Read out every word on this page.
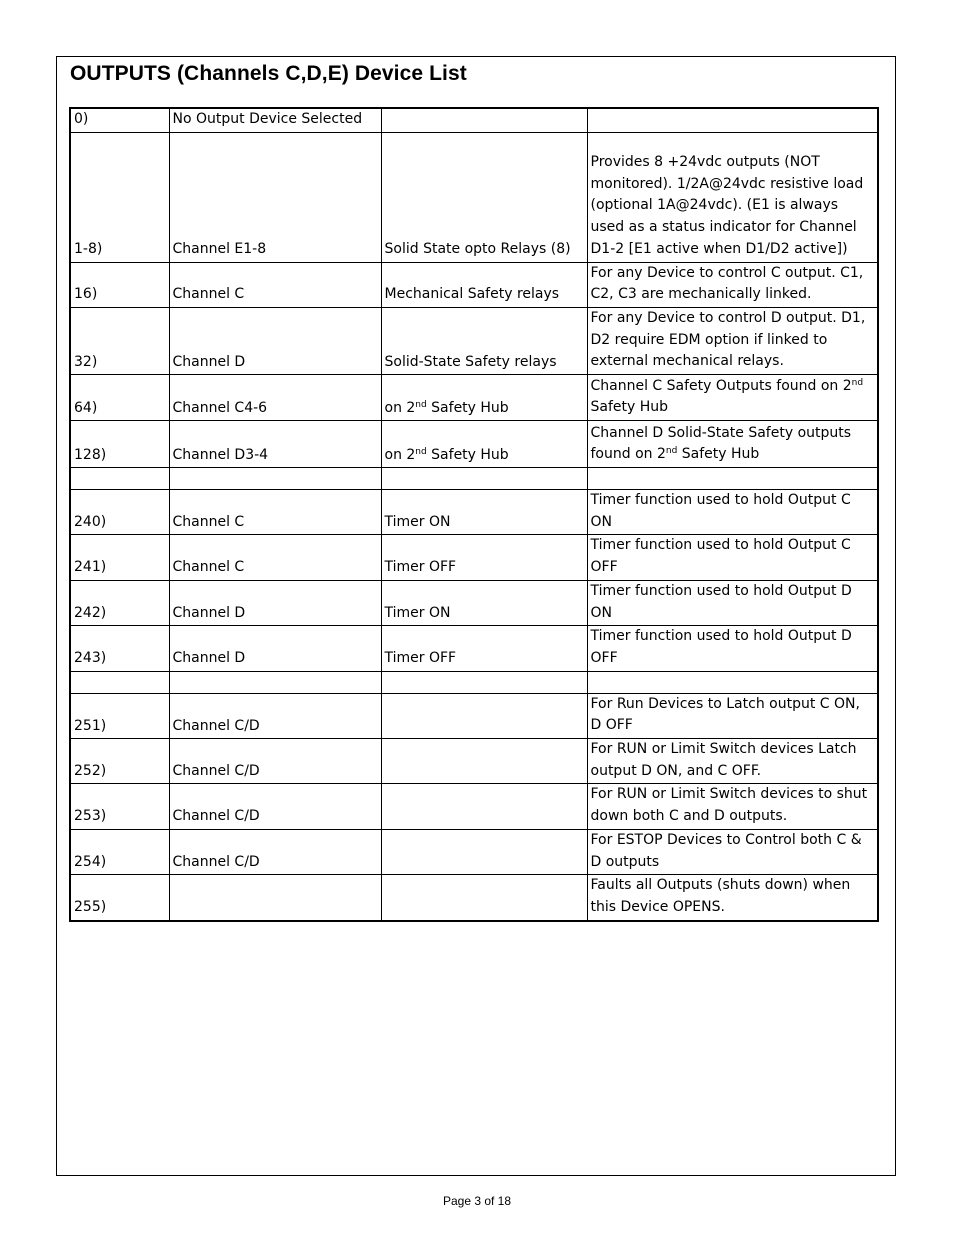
OUTPUTS (Channels C,D,E) Device List
0)	No Output Device Selected		
1-8)	Channel E1-8	Solid State opto Relays (8)	Provides 8 +24vdc outputs (NOT monitored). 1/2A@24vdc resistive load (optional 1A@24vdc). (E1 is always used as a status indicator for Channel D1-2 [E1 active when D1/D2 active])
16)	Channel C	Mechanical Safety relays	For any Device to control C output. C1, C2, C3 are mechanically linked.
32)	Channel D	Solid-State Safety relays	For any Device to control D output. D1, D2 require EDM option if linked to external mechanical relays.
64)	Channel C4-6	on 2nd Safety Hub	Channel C Safety Outputs found on 2nd Safety Hub
128)	Channel D3-4	on 2nd Safety Hub	Channel D Solid-State Safety outputs found on 2nd Safety Hub

240)	Channel C	Timer ON	Timer function used to hold Output C ON
241)	Channel C	Timer OFF	Timer function used to hold Output C OFF
242)	Channel D	Timer ON	Timer function used to hold Output D ON
243)	Channel D	Timer OFF	Timer function used to hold Output D OFF

251)	Channel C/D		For Run Devices to Latch output C ON, D OFF
252)	Channel C/D		For RUN or Limit Switch devices Latch output D ON, and C OFF.
253)	Channel C/D		For RUN or Limit Switch devices to shut down both C and D outputs.
254)	Channel C/D		For ESTOP Devices to Control both C & D outputs
255)			Faults all Outputs (shuts down) when this Device OPENS.
Page 3 of 18
